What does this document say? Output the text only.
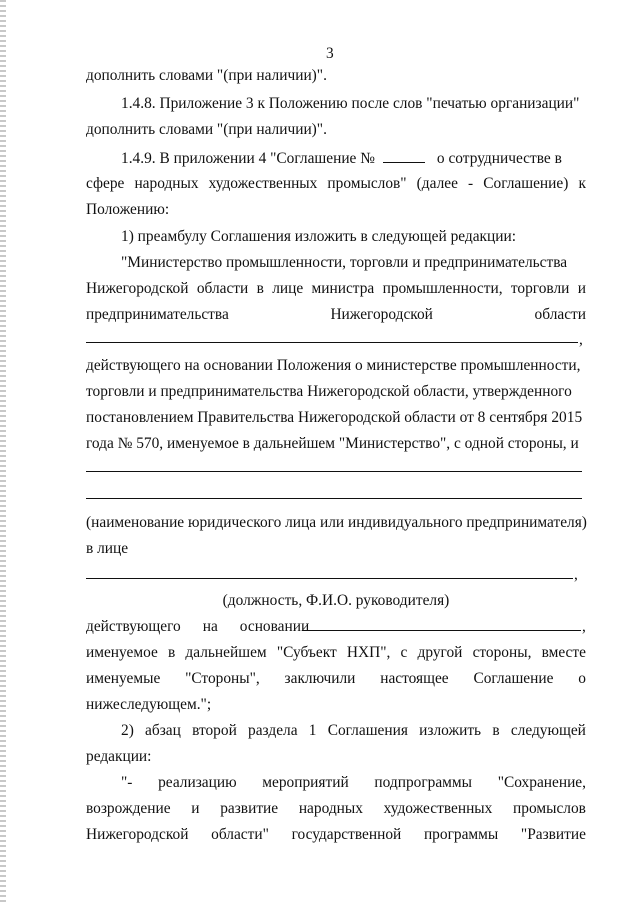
3
дополнить словами "(при наличии)".
1.4.8. Приложение 3 к Положению после слов "печатью организации"
дополнить словами "(при наличии)".
1.4.9. В приложении 4 "Соглашение №	о сотрудничестве в
сфере народных художественных промыслов" (далее - Соглашение) к
Положению:
1) преамбулу Соглашения изложить в следующей редакции:
"Министерство промышленности, торговли и предпринимательства
Нижегородской области в лице министра промышленности, торговли и
предпринимательства	Нижегородской	области
,
действующего на основании Положения о министерстве промышленности,
торговли и предпринимательства Нижегородской области, утвержденного
постановлением Правительства Нижегородской области от 8 сентября 2015
года № 570, именуемое в дальнейшем "Министерство", с одной стороны, и
(наименование юридического лица или индивидуального предпринимателя)
в лице
,
(должность, Ф.И.О. руководителя)
действующего на основании	,
именуемое в дальнейшем "Субъект НХП", с другой стороны, вместе
именуемые "Стороны", заключили настоящее Соглашение о
нижеследующем.";
2) абзац второй раздела 1 Соглашения изложить в следующей
редакции:
"- реализацию мероприятий подпрограммы "Сохранение,
возрождение и развитие народных художественных промыслов
Нижегородской области" государственной программы "Развитие
